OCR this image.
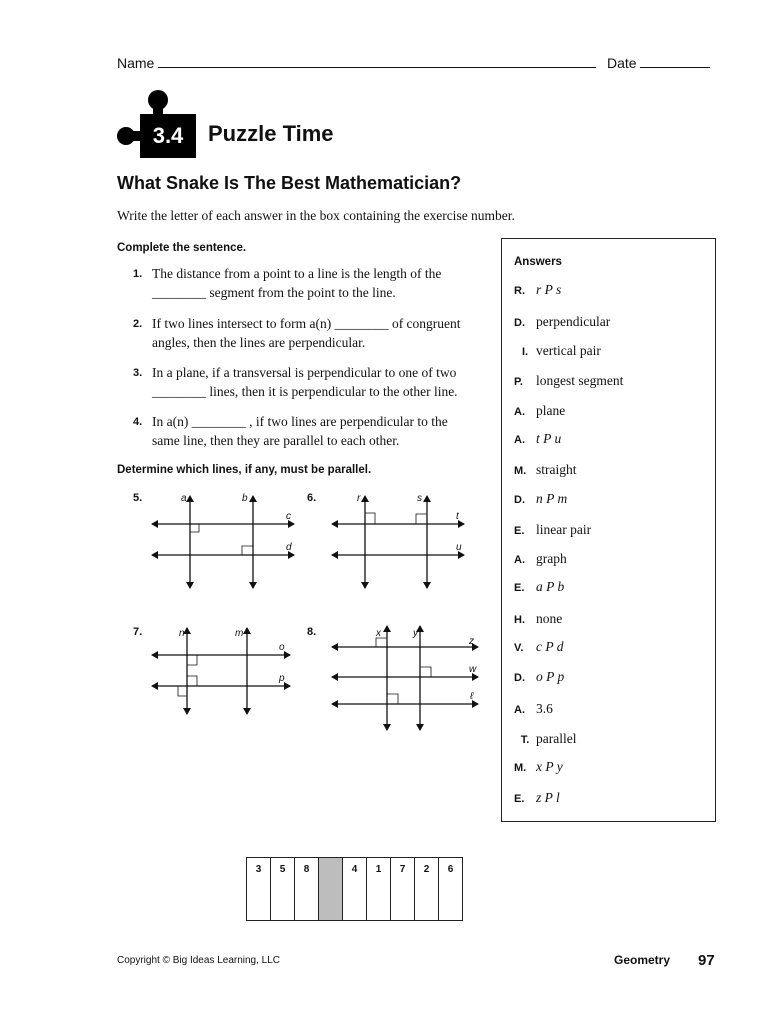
Name	Date
3.4	Puzzle Time
What Snake Is The Best Mathematician?
Write the letter of each answer in the box containing the exercise number.
Complete the sentence.
1. The distance from a point to a line is the length of the ________ segment from the point to the line.
2. If two lines intersect to form a(n) ________ of congruent angles, then the lines are perpendicular.
3. In a plane, if a transversal is perpendicular to one of two ________ lines, then it is perpendicular to the other line.
4. In a(n) ________ , if two lines are perpendicular to the same line, then they are parallel to each other.
Determine which lines, if any, must be parallel.
5.	6.
7.	8.
a	b
c
d
r	s
t
u
n	m
o
p
x	y
z
w
ℓ
Answers
R. r P s
D. perpendicular
I. vertical pair
P. longest segment
A. plane
A. t P u
M. straight
D. n P m
E. linear pair
A. graph
E. a P b
H. none
V. c P d
D. o P p
A. 3.6
T. parallel
M. x P y
E. z P l
3	5	8		4	1	7	2	6
Copyright © Big Ideas Learning, LLC	Geometry 97
